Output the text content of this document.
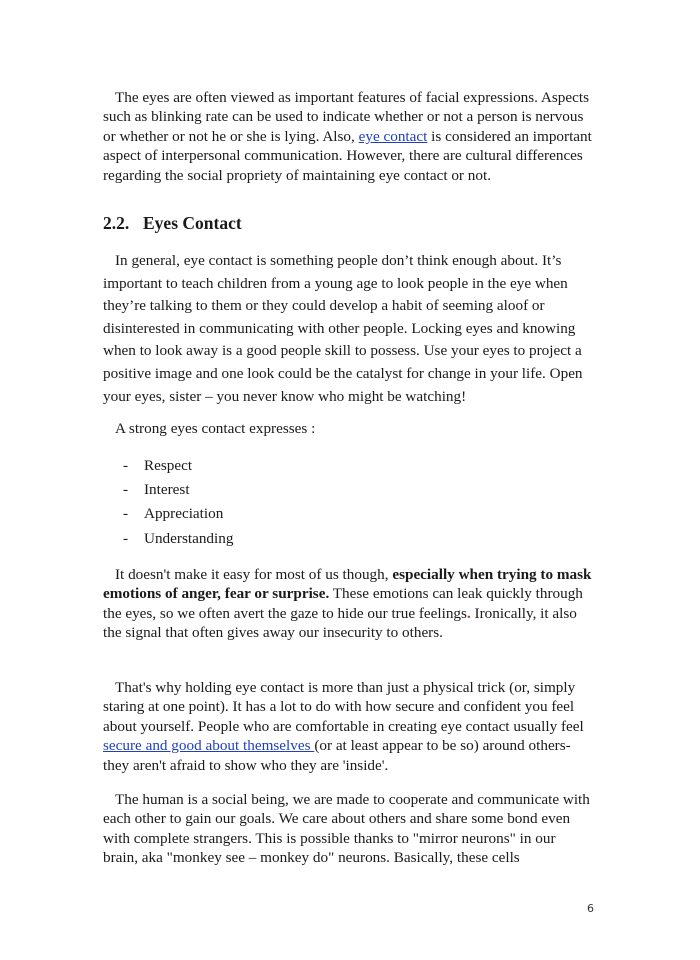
The eyes are often viewed as important features of facial expressions. Aspects such as blinking rate can be used to indicate whether or not a person is nervous or whether or not he or she is lying. Also, eye contact is considered an important aspect of interpersonal communication. However, there are cultural differences regarding the social propriety of maintaining eye contact or not.

2.2. Eyes Contact

In general, eye contact is something people don’t think enough about. It’s important to teach children from a young age to look people in the eye when they’re talking to them or they could develop a habit of seeming aloof or disinterested in communicating with other people. Locking eyes and knowing when to look away is a good people skill to possess. Use your eyes to project a positive image and one look could be the catalyst for change in your life. Open your eyes, sister – you never know who might be watching!

A strong eyes contact expresses :

- Respect
- Interest
- Appreciation
- Understanding

It doesn't make it easy for most of us though, especially when trying to mask emotions of anger, fear or surprise. These emotions can leak quickly through the eyes, so we often avert the gaze to hide our true feelings. Ironically, it also the signal that often gives away our insecurity to others.

That's why holding eye contact is more than just a physical trick (or, simply staring at one point). It has a lot to do with how secure and confident you feel about yourself. People who are comfortable in creating eye contact usually feel secure and good about themselves (or at least appear to be so) around others- they aren't afraid to show who they are 'inside'.

The human is a social being, we are made to cooperate and communicate with each other to gain our goals. We care about others and share some bond even with complete strangers. This is possible thanks to "mirror neurons" in our brain, aka "monkey see – monkey do" neurons. Basically, these cells

6
